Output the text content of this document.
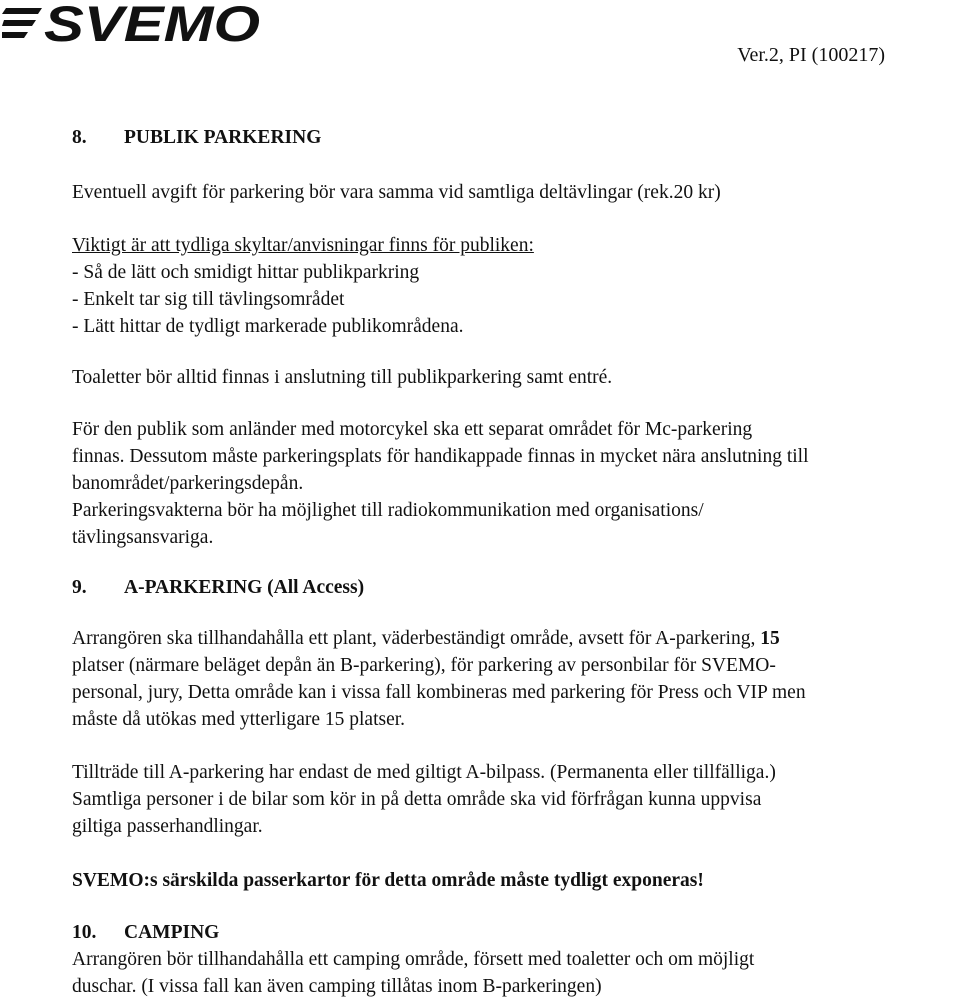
SVEMO
Ver.2, PI (100217)
8. PUBLIK PARKERING
Eventuell avgift för parkering bör vara samma vid samtliga deltävlingar (rek.20 kr)
Viktigt är att tydliga skyltar/anvisningar finns för publiken:
- Så de lätt och smidigt hittar publikparkring
- Enkelt tar sig till tävlingsområdet
- Lätt hittar de tydligt markerade publikområdena.
Toaletter bör alltid finnas i anslutning till publikparkering samt entré.
För den publik som anländer med motorcykel ska ett separat området för Mc-parkering
finnas. Dessutom måste parkeringsplats för handikappade finnas in mycket nära anslutning till
banområdet/parkeringsdepån.
Parkeringsvakterna bör ha möjlighet till radiokommunikation med organisations/
tävlingsansvariga.
9. A-PARKERING (All Access)
Arrangören ska tillhandahålla ett plant, väderbeständigt område, avsett för A-parkering, 15
platser (närmare beläget depån än B-parkering), för parkering av personbilar för SVEMO-
personal, jury, Detta område kan i vissa fall kombineras med parkering för Press och VIP men
måste då utökas med ytterligare 15 platser.
Tillträde till A-parkering har endast de med giltigt A-bilpass. (Permanenta eller tillfälliga.)
Samtliga personer i de bilar som kör in på detta område ska vid förfrågan kunna uppvisa
giltiga passerhandlingar.
SVEMO:s särskilda passerkartor för detta område måste tydligt exponeras!
10. CAMPING
Arrangören bör tillhandahålla ett camping område, försett med toaletter och om möjligt
duschar. (I vissa fall kan även camping tillåtas inom B-parkeringen)
